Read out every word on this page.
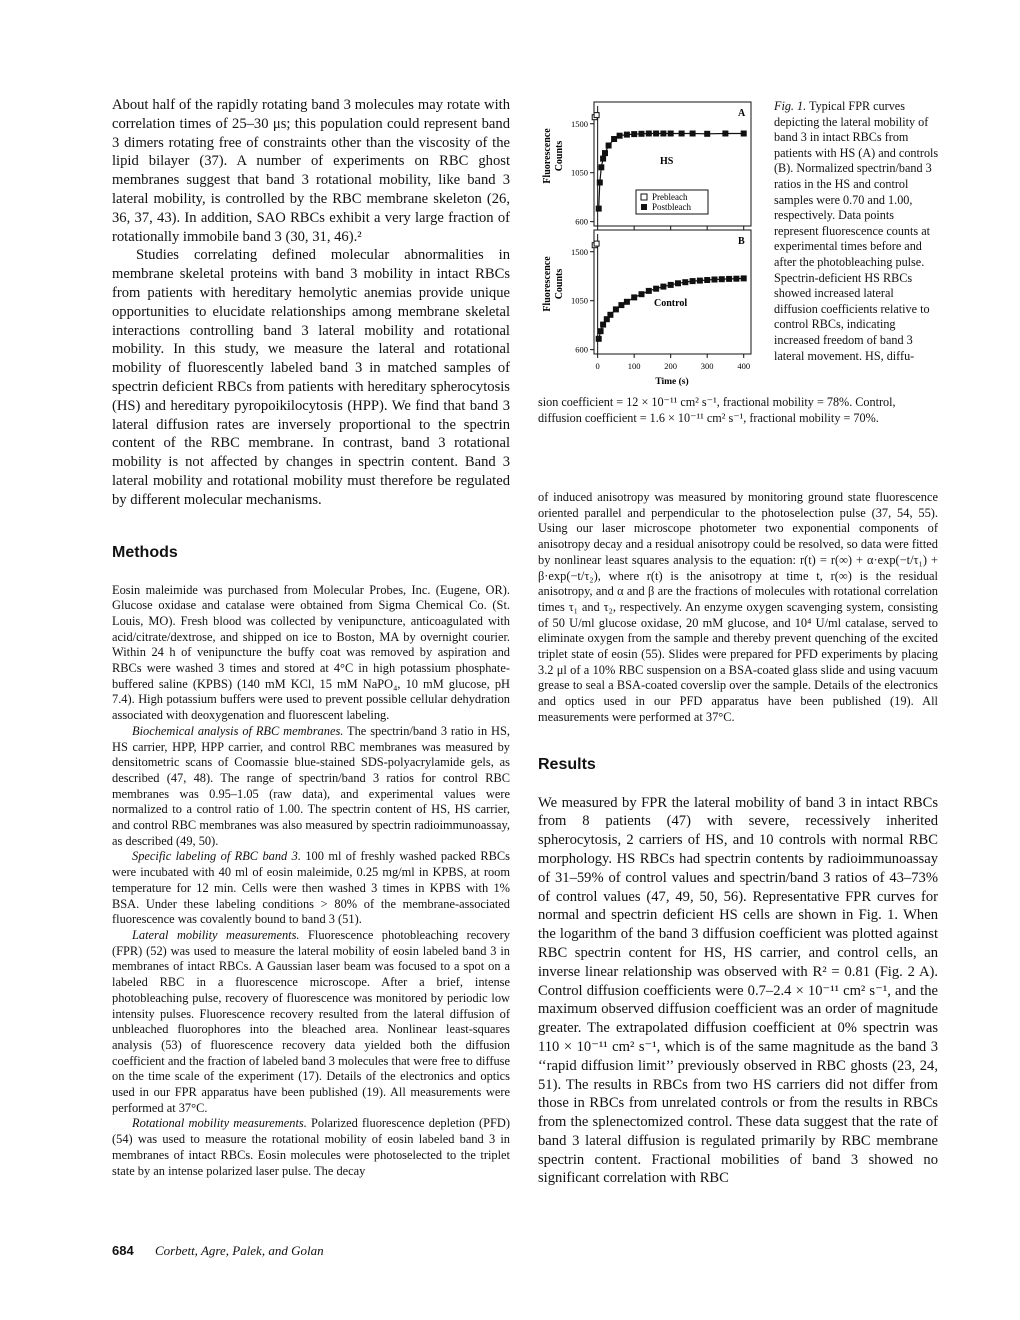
About half of the rapidly rotating band 3 molecules may rotate with correlation times of 25–30 μs; this population could represent band 3 dimers rotating free of constraints other than the viscosity of the lipid bilayer (37). A number of experiments on RBC ghost membranes suggest that band 3 rotational mobility, like band 3 lateral mobility, is controlled by the RBC membrane skeleton (26, 36, 37, 43). In addition, SAO RBCs exhibit a very large fraction of rotationally immobile band 3 (30, 31, 46).²

Studies correlating defined molecular abnormalities in membrane skeletal proteins with band 3 mobility in intact RBCs from patients with hereditary hemolytic anemias provide unique opportunities to elucidate relationships among membrane skeletal interactions controlling band 3 lateral mobility and rotational mobility. In this study, we measure the lateral and rotational mobility of fluorescently labeled band 3 in matched samples of spectrin deficient RBCs from patients with hereditary spherocytosis (HS) and hereditary pyropoikilocytosis (HPP). We find that band 3 lateral diffusion rates are inversely proportional to the spectrin content of the RBC membrane. In contrast, band 3 rotational mobility is not affected by changes in spectrin content. Band 3 lateral mobility and rotational mobility must therefore be regulated by different molecular mechanisms.

Methods

Eosin maleimide was purchased from Molecular Probes, Inc. (Eugene, OR). Glucose oxidase and catalase were obtained from Sigma Chemical Co. (St. Louis, MO). Fresh blood was collected by venipuncture, anticoagulated with acid/citrate/dextrose, and shipped on ice to Boston, MA by overnight courier. Within 24 h of venipuncture the buffy coat was removed by aspiration and RBCs were washed 3 times and stored at 4°C in high potassium phosphate-buffered saline (KPBS) (140 mM KCl, 15 mM NaPO₄, 10 mM glucose, pH 7.4). High potassium buffers were used to prevent possible cellular dehydration associated with deoxygenation and fluorescent labeling.

Biochemical analysis of RBC membranes. The spectrin/band 3 ratio in HS, HS carrier, HPP, HPP carrier, and control RBC membranes was measured by densitometric scans of Coomassie blue-stained SDS-polyacrylamide gels, as described (47, 48). The range of spectrin/band 3 ratios for control RBC membranes was 0.95–1.05 (raw data), and experimental values were normalized to a control ratio of 1.00. The spectrin content of HS, HS carrier, and control RBC membranes was also measured by spectrin radioimmunoassay, as described (49, 50).

Specific labeling of RBC band 3. 100 ml of freshly washed packed RBCs were incubated with 40 ml of eosin maleimide, 0.25 mg/ml in KPBS, at room temperature for 12 min. Cells were then washed 3 times in KPBS with 1% BSA. Under these labeling conditions > 80% of the membrane-associated fluorescence was covalently bound to band 3 (51).

Lateral mobility measurements. Fluorescence photobleaching recovery (FPR) (52) was used to measure the lateral mobility of eosin labeled band 3 in membranes of intact RBCs. A Gaussian laser beam was focused to a spot on a labeled RBC in a fluorescence microscope. After a brief, intense photobleaching pulse, recovery of fluorescence was monitored by periodic low intensity pulses. Fluorescence recovery resulted from the lateral diffusion of unbleached fluorophores into the bleached area. Nonlinear least-squares analysis (53) of fluorescence recovery data yielded both the diffusion coefficient and the fraction of labeled band 3 molecules that were free to diffuse on the time scale of the experiment (17). Details of the electronics and optics used in our FPR apparatus have been published (19). All measurements were performed at 37°C.

Rotational mobility measurements. Polarized fluorescence depletion (PFD) (54) was used to measure the rotational mobility of eosin labeled band 3 in membranes of intact RBCs. Eosin molecules were photoselected to the triplet state by an intense polarized laser pulse. The decay

Fluorescence Counts
Fluorescence Counts
A
B
HS
Control
Prebleach
Postbleach
Time (s)
1500
1050
600
1500
1050
600
0	100	200	300	400
Fig. 1. Typical FPR curves depicting the lateral mobility of band 3 in intact RBCs from patients with HS (A) and controls (B). Normalized spectrin/band 3 ratios in the HS and control samples were 0.70 and 1.00, respectively. Data points represent fluorescence counts at experimental times before and after the photobleaching pulse. Spectrin-deficient HS RBCs showed increased lateral diffusion coefficients relative to control RBCs, indicating increased freedom of band 3 lateral movement. HS, diffu-
sion coefficient = 12 × 10⁻¹¹ cm² s⁻¹, fractional mobility = 78%. Control, diffusion coefficient = 1.6 × 10⁻¹¹ cm² s⁻¹, fractional mobility = 70%.

of induced anisotropy was measured by monitoring ground state fluorescence oriented parallel and perpendicular to the photoselection pulse (37, 54, 55). Using our laser microscope photometer two exponential components of anisotropy decay and a residual anisotropy could be resolved, so data were fitted by nonlinear least squares analysis to the equation: r(t) = r(∞) + α·exp(−t/τ₁) + β·exp(−t/τ₂), where r(t) is the anisotropy at time t, r(∞) is the residual anisotropy, and α and β are the fractions of molecules with rotational correlation times τ₁ and τ₂, respectively. An enzyme oxygen scavenging system, consisting of 50 U/ml glucose oxidase, 20 mM glucose, and 10⁴ U/ml catalase, served to eliminate oxygen from the sample and thereby prevent quenching of the excited triplet state of eosin (55). Slides were prepared for PFD experiments by placing 3.2 μl of a 10% RBC suspension on a BSA-coated glass slide and using vacuum grease to seal a BSA-coated coverslip over the sample. Details of the electronics and optics used in our PFD apparatus have been published (19). All measurements were performed at 37°C.

Results

We measured by FPR the lateral mobility of band 3 in intact RBCs from 8 patients (47) with severe, recessively inherited spherocytosis, 2 carriers of HS, and 10 controls with normal RBC morphology. HS RBCs had spectrin contents by radioimmunoassay of 31–59% of control values and spectrin/band 3 ratios of 43–73% of control values (47, 49, 50, 56). Representative FPR curves for normal and spectrin deficient HS cells are shown in Fig. 1. When the logarithm of the band 3 diffusion coefficient was plotted against RBC spectrin content for HS, HS carrier, and control cells, an inverse linear relationship was observed with R² = 0.81 (Fig. 2 A). Control diffusion coefficients were 0.7–2.4 × 10⁻¹¹ cm² s⁻¹, and the maximum observed diffusion coefficient was an order of magnitude greater. The extrapolated diffusion coefficient at 0% spectrin was 110 × 10⁻¹¹ cm² s⁻¹, which is of the same magnitude as the band 3 ‘‘rapid diffusion limit’’ previously observed in RBC ghosts (23, 24, 51). The results in RBCs from two HS carriers did not differ from those in RBCs from unrelated controls or from the results in RBCs from the splenectomized control. These data suggest that the rate of band 3 lateral diffusion is regulated primarily by RBC membrane spectrin content. Fractional mobilities of band 3 showed no significant correlation with RBC

684 Corbett, Agre, Palek, and Golan
